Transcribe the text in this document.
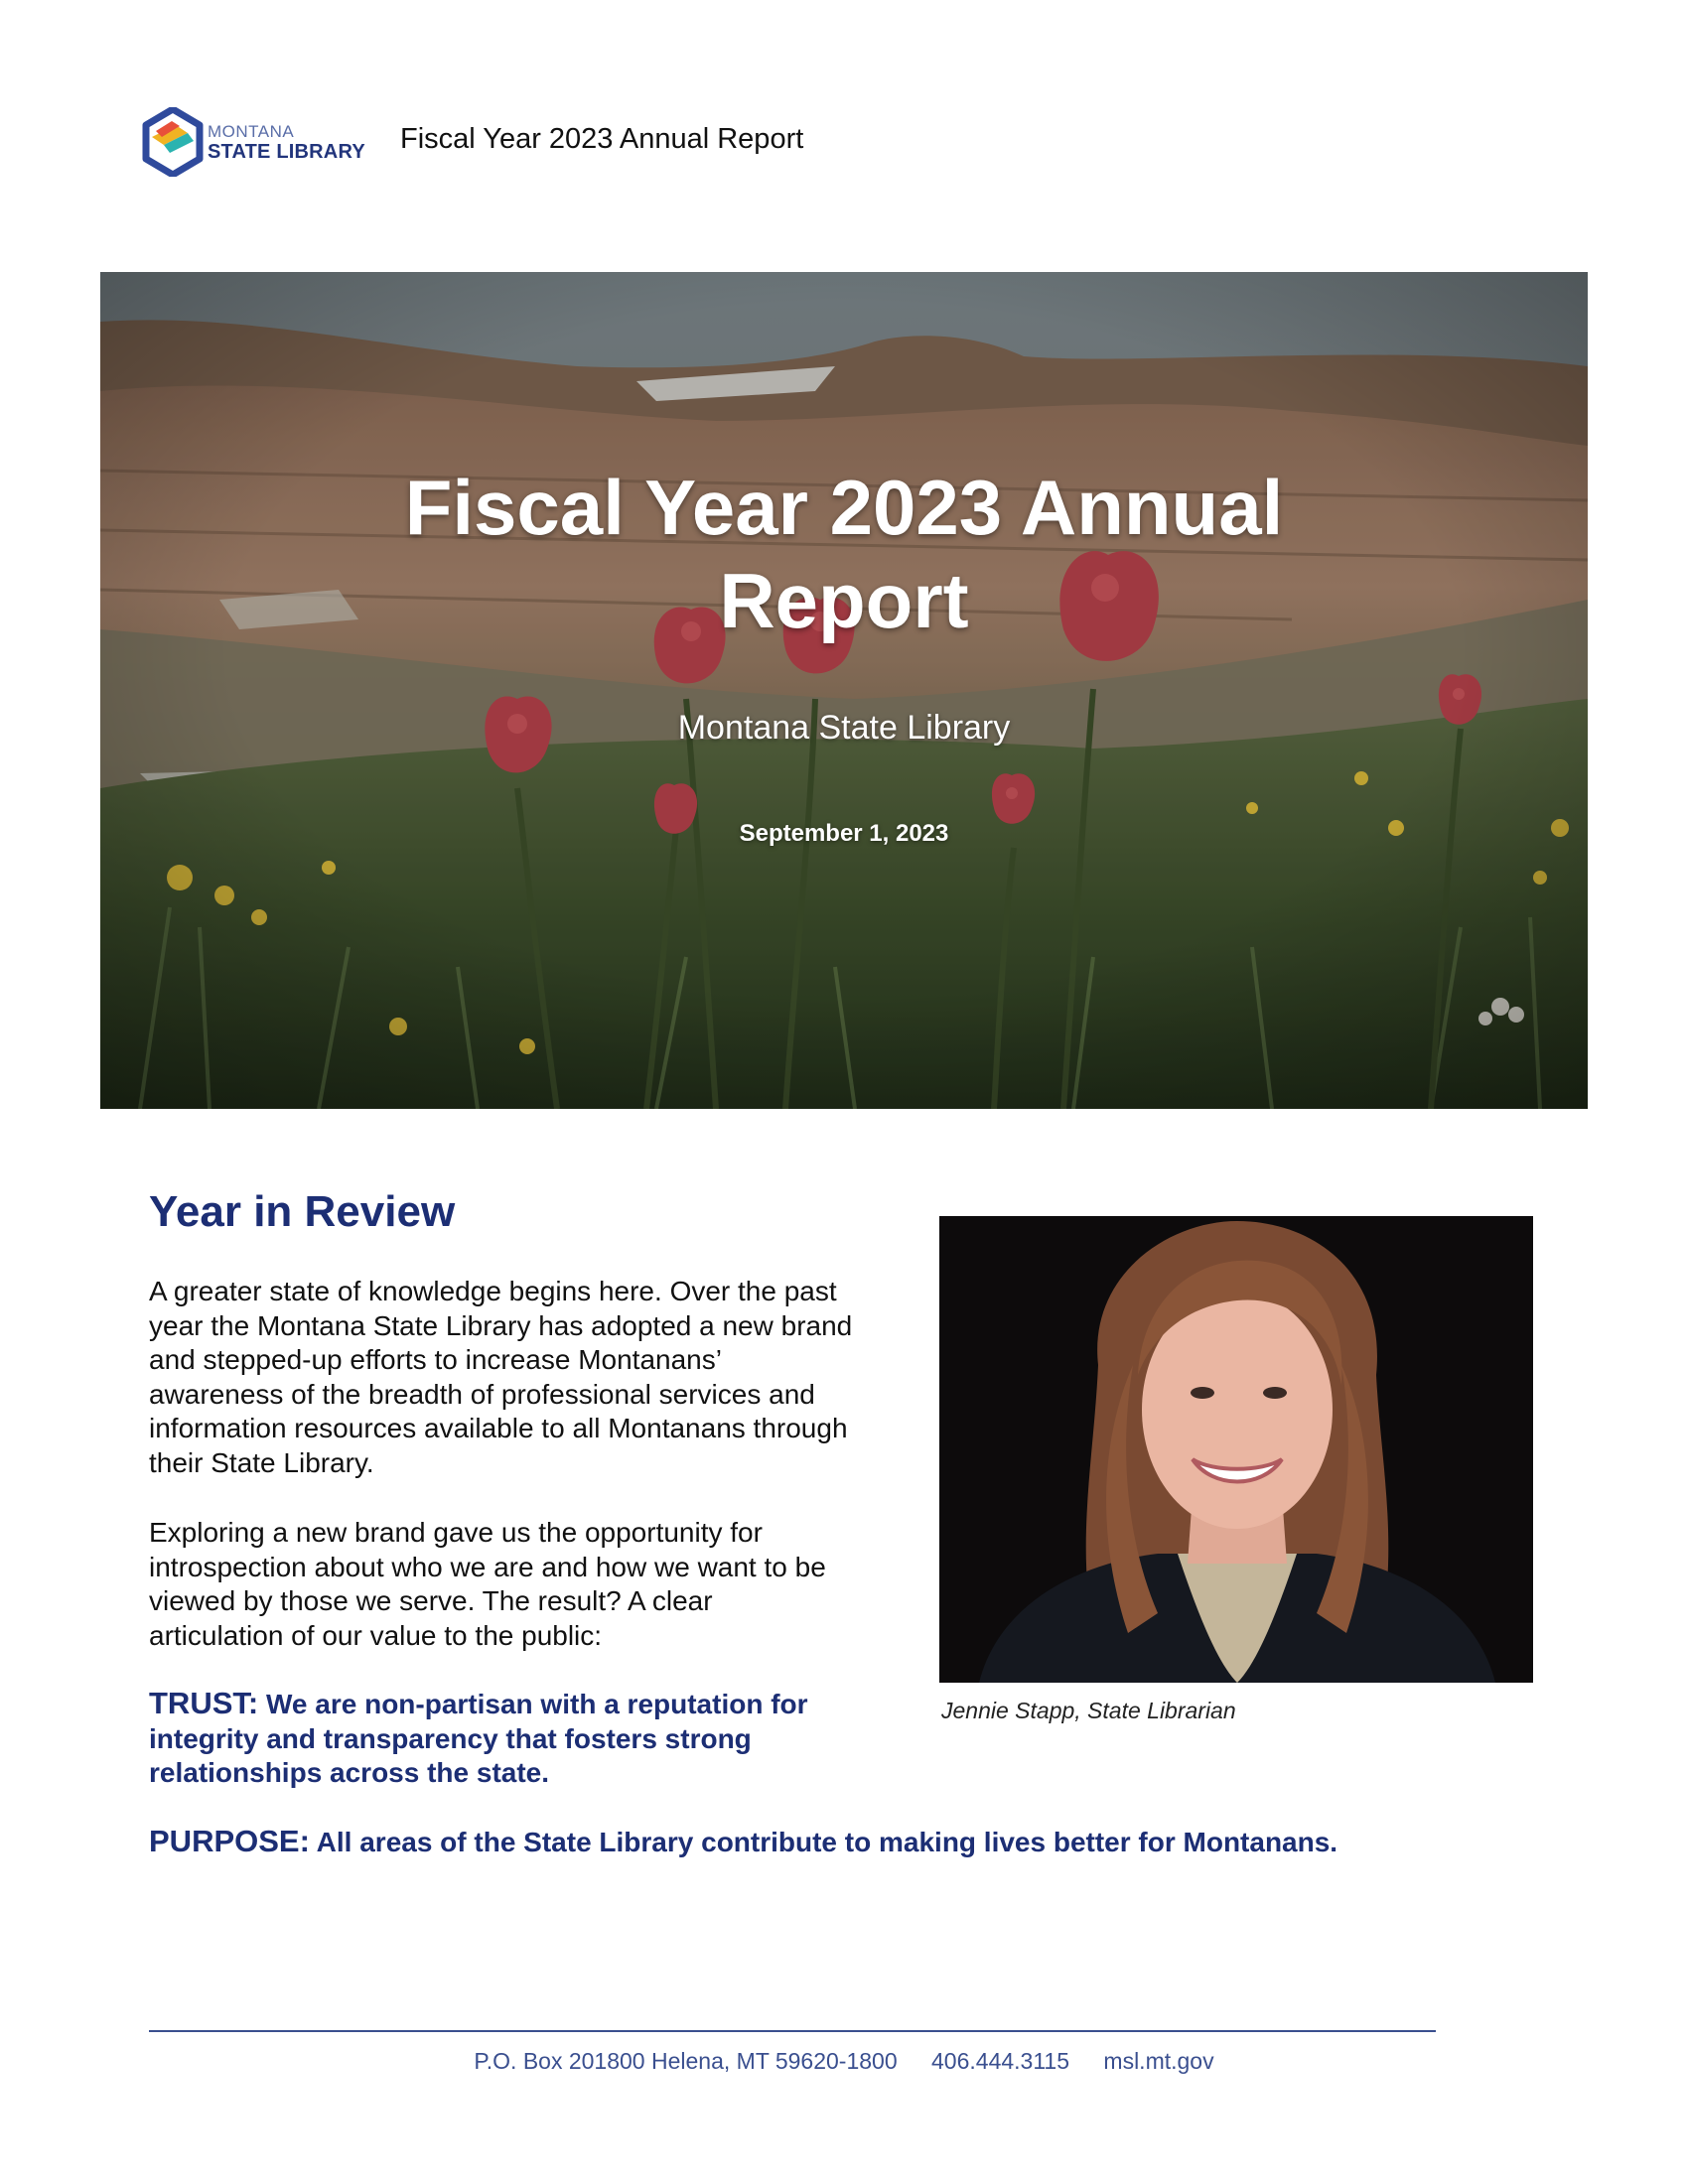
MONTANA
STATE LIBRARY Fiscal Year 2023 Annual Report
Fiscal Year 2023 Annual
Report
Montana State Library
September 1, 2023
Year in Review
A greater state of knowledge begins here. Over the past
year the Montana State Library has adopted a new brand
and stepped-up efforts to increase Montanans’
awareness of the breadth of professional services and
information resources available to all Montanans through
their State Library.
Exploring a new brand gave us the opportunity for
introspection about who we are and how we want to be
viewed by those we serve. The result? A clear
articulation of our value to the public:
TRUST: We are non-partisan with a reputation for
integrity and transparency that fosters strong
relationships across the state.
PURPOSE: All areas of the State Library contribute to making lives better for Montanans.
Jennie Stapp, State Librarian
P.O. Box 201800 Helena, MT 59620-1800 406.444.3115 msl.mt.gov
